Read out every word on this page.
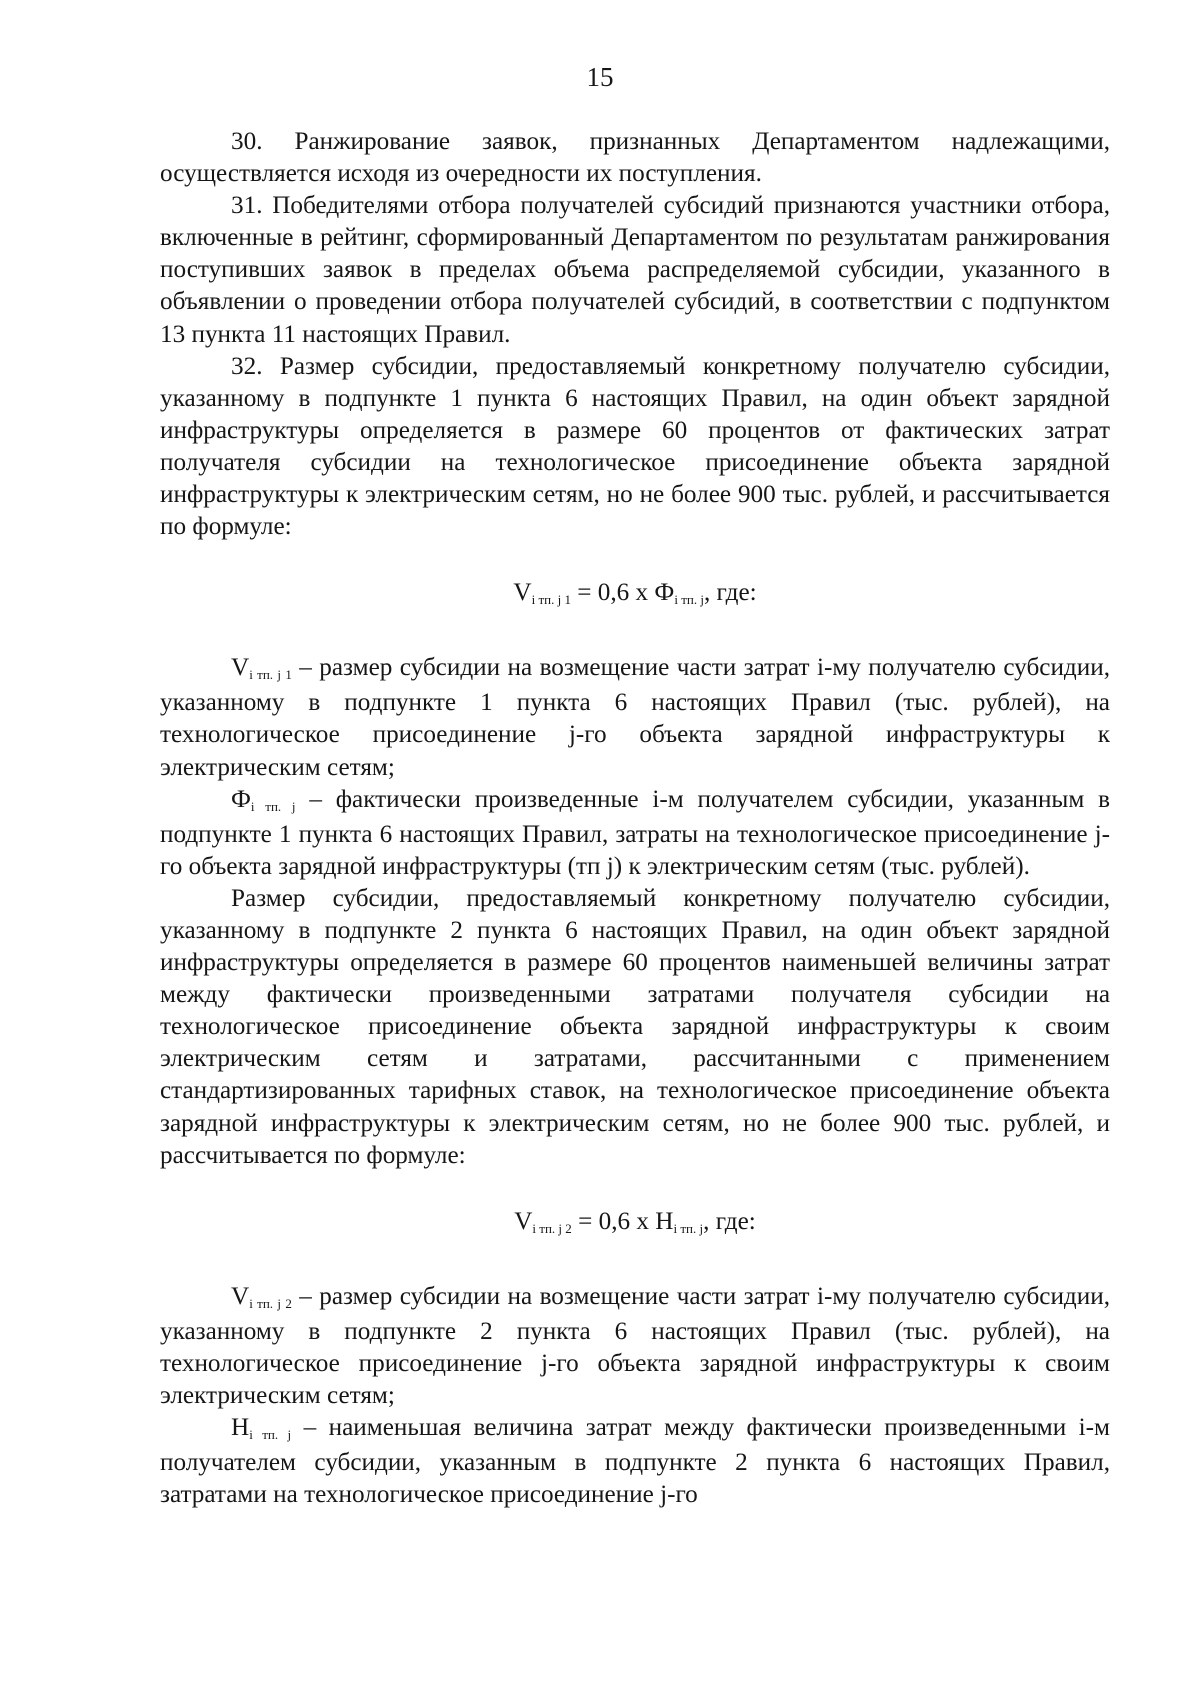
15

30. Ранжирование заявок, признанных Департаментом надлежащими, осуществляется исходя из очередности их поступления.

31. Победителями отбора получателей субсидий признаются участники отбора, включенные в рейтинг, сформированный Департаментом по результатам ранжирования поступивших заявок в пределах объема распределяемой субсидии, указанного в объявлении о проведении отбора получателей субсидий, в соответствии с подпунктом 13 пункта 11 настоящих Правил.

32. Размер субсидии, предоставляемый конкретному получателю субсидии, указанному в подпункте 1 пункта 6 настоящих Правил, на один объект зарядной инфраструктуры определяется в размере 60 процентов от фактических затрат получателя субсидии на технологическое присоединение объекта зарядной инфраструктуры к электрическим сетям, но не более 900 тыс. рублей, и рассчитывается по формуле:

$V_{i тп. j 1} = 0,6$ x $Ф_{i тп. j}$, где:

$V_{i тп. j 1}$ – размер субсидии на возмещение части затрат i-му получателю субсидии, указанному в подпункте 1 пункта 6 настоящих Правил (тыс. рублей), на технологическое присоединение j-го объекта зарядной инфраструктуры к электрическим сетям;

$Ф_{i тп. j}$ – фактически произведенные i-м получателем субсидии, указанным в подпункте 1 пункта 6 настоящих Правил, затраты на технологическое присоединение j-го объекта зарядной инфраструктуры (тп j) к электрическим сетям (тыс. рублей).

Размер субсидии, предоставляемый конкретному получателю субсидии, указанному в подпункте 2 пункта 6 настоящих Правил, на один объект зарядной инфраструктуры определяется в размере 60 процентов наименьшей величины затрат между фактически произведенными затратами получателя субсидии на технологическое присоединение объекта зарядной инфраструктуры к своим электрическим сетям и затратами, рассчитанными с применением стандартизированных тарифных ставок, на технологическое присоединение объекта зарядной инфраструктуры к электрическим сетям, но не более 900 тыс. рублей, и рассчитывается по формуле:

$V_{i тп. j 2} = 0,6$ x $H_{i тп. j}$, где:

$V_{i тп. j 2}$ – размер субсидии на возмещение части затрат i-му получателю субсидии, указанному в подпункте 2 пункта 6 настоящих Правил (тыс. рублей), на технологическое присоединение j-го объекта зарядной инфраструктуры к своим электрическим сетям;

$H_{i тп. j}$ – наименьшая величина затрат между фактически произведенными i-м получателем субсидии, указанным в подпункте 2 пункта 6 настоящих Правил, затратами на технологическое присоединение j-го
